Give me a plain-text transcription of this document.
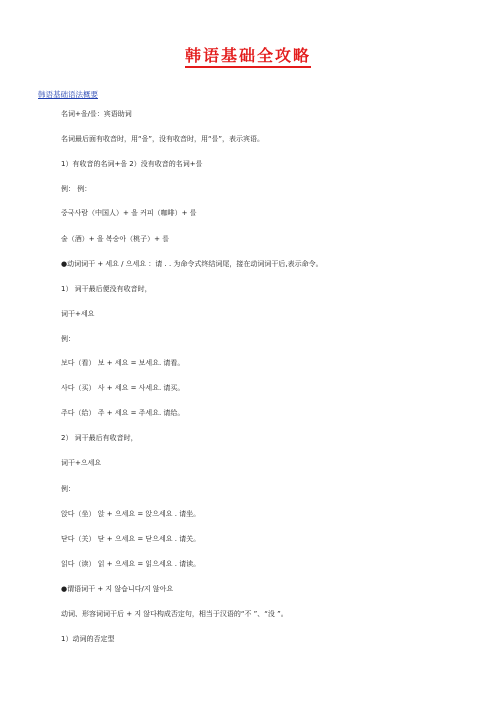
韩语基础全攻略
韩语基础语法概要
名词+을/를：宾语助词
名词最后面有收音时，用“을”，没有收音时，用“를”，表示宾语。
1）有收音的名词+을 2）没有收音的名词+를
例： 例：
중국사람（中国人）+ 을 커피（咖啡）+ 를
술（酒）+ 을 복숭아（桃子）+ 를
●动词词干 + 세요 / 으세요 ：请 . . 为命令式终结词尾，接在动词词干后,表示命令。
1） 词干最后便没有收音时，
词干+세요
例：
보다（看） 보 + 세요 = 보세요. 请看。
사다（买） 사 + 세요 = 사세요. 请买。
주다（给） 주 + 세요 = 주세요. 请给。
2） 词干最后有收音时，
词干+으세요
例：
앉다（坐） 앉 + 으세요 = 앉으세요 . 请坐。
닫다（关） 닫 + 으세요 = 닫으세요 . 请关。
읽다（读） 읽 + 으세요 = 읽으세요 . 请读。
●谓语词干 + 지 않습니다/지 않아요
动词、形容词词干后 + 지 않다构成否定句，相当于汉语的“不 ”、“没 ”。
1）动词的否定型
